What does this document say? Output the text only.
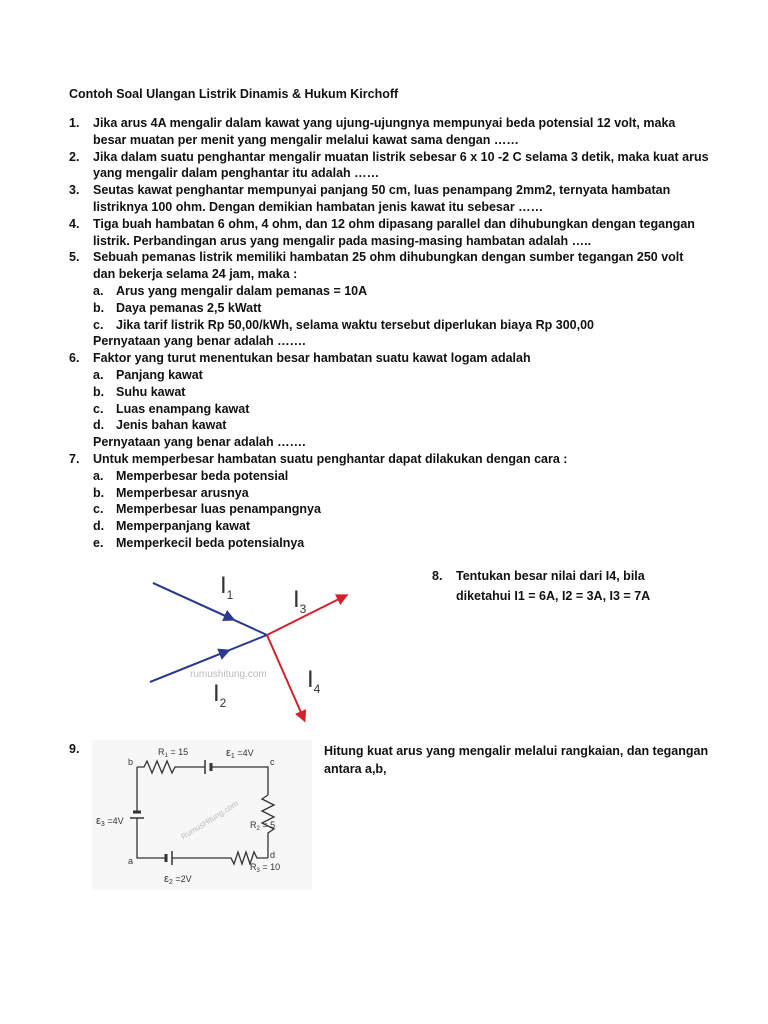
Contoh Soal Ulangan Listrik Dinamis & Hukum Kirchoff
1. Jika arus 4A mengalir dalam kawat yang ujung-ujungnya mempunyai beda potensial 12 volt, maka besar muatan per menit yang mengalir melalui kawat sama dengan ……
2. Jika dalam suatu penghantar mengalir muatan listrik sebesar 6 x 10 -2 C selama 3 detik, maka kuat arus yang mengalir dalam penghantar itu adalah ……
3. Seutas kawat penghantar mempunyai panjang 50 cm, luas penampang 2mm2, ternyata hambatan listriknya 100 ohm. Dengan demikian hambatan jenis kawat itu sebesar ……
4. Tiga buah hambatan 6 ohm, 4 ohm, dan 12 ohm dipasang parallel dan dihubungkan dengan tegangan listrik. Perbandingan arus yang mengalir pada masing-masing hambatan adalah …..
5. Sebuah pemanas listrik memiliki hambatan 25 ohm dihubungkan dengan sumber tegangan 250 volt dan bekerja selama 24 jam, maka :
a. Arus yang mengalir dalam pemanas = 10A
b. Daya pemanas 2,5 kWatt
c. Jika tarif listrik Rp 50,00/kWh, selama waktu tersebut diperlukan biaya Rp 300,00
Pernyataan yang benar adalah …….
6. Faktor yang turut menentukan besar hambatan suatu kawat logam adalah
a. Panjang kawat
b. Suhu kawat
c. Luas enampang kawat
d. Jenis bahan kawat
Pernyataan yang benar adalah …….
7. Untuk memperbesar hambatan suatu penghantar dapat dilakukan dengan cara :
a. Memperbesar beda potensial
b. Memperbesar arusnya
c. Memperbesar luas penampangnya
d. Memperpanjang kawat
e. Memperkecil beda potensialnya
$I_1$ $I_3$
$I_4$
$I_2$
rumushitung.com
8.	Tentukan besar nilai dari I4, bila diketahui I1 = 6A, I2 = 3A, I3 = 7A
9.	$R_1 = 15$	ε1 =4V
b	c
$R_2 = 5$
ε3 =4V
a
d
$R_3 = 10$
ε2 =2V
RumusHitung.com
Hitung kuat arus yang mengalir melalui rangkaian, dan tegangan antara a,b,
